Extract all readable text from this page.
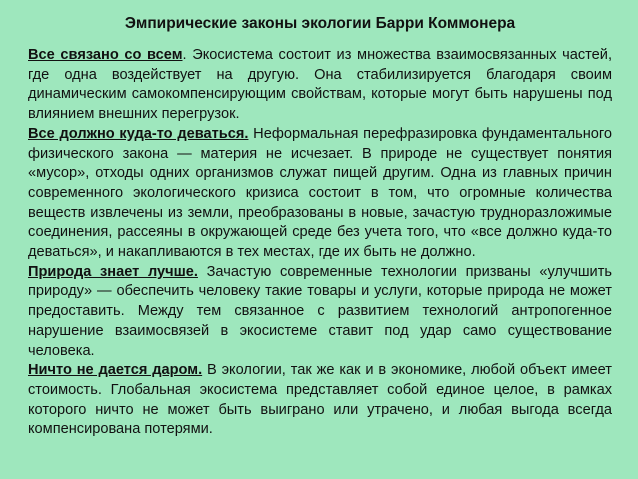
Эмпирические законы экологии Барри Коммонера

Все связано со всем. Экосистема состоит из множества взаимосвязанных частей, где одна воздействует на другую. Она стабилизируется благодаря своим динамическим самокомпенсирующим свойствам, которые могут быть нарушены под влиянием внешних перегрузок.

Все должно куда-то деваться. Неформальная перефразировка фундаментального физического закона — материя не исчезает. В природе не существует понятия «мусор», отходы одних организмов служат пищей другим. Одна из главных причин современного экологического кризиса состоит в том, что огромные количества веществ извлечены из земли, преобразованы в новые, зачастую трудноразложимые соединения, рассеяны в окружающей среде без учета того, что «все должно куда-то деваться», и накапливаются в тех местах, где их быть не должно.

Природа знает лучше. Зачастую современные технологии призваны «улучшить природу» — обеспечить человеку такие товары и услуги, которые природа не может предоставить. Между тем связанное с развитием технологий антропогенное нарушение взаимосвязей в экосистеме ставит под удар само существование человека.

Ничто не дается даром. В экологии, так же как и в экономике, любой объект имеет стоимость. Глобальная экосистема представляет собой единое целое, в рамках которого ничто не может быть выиграно или утрачено, и любая выгода всегда компенсирована потерями.
